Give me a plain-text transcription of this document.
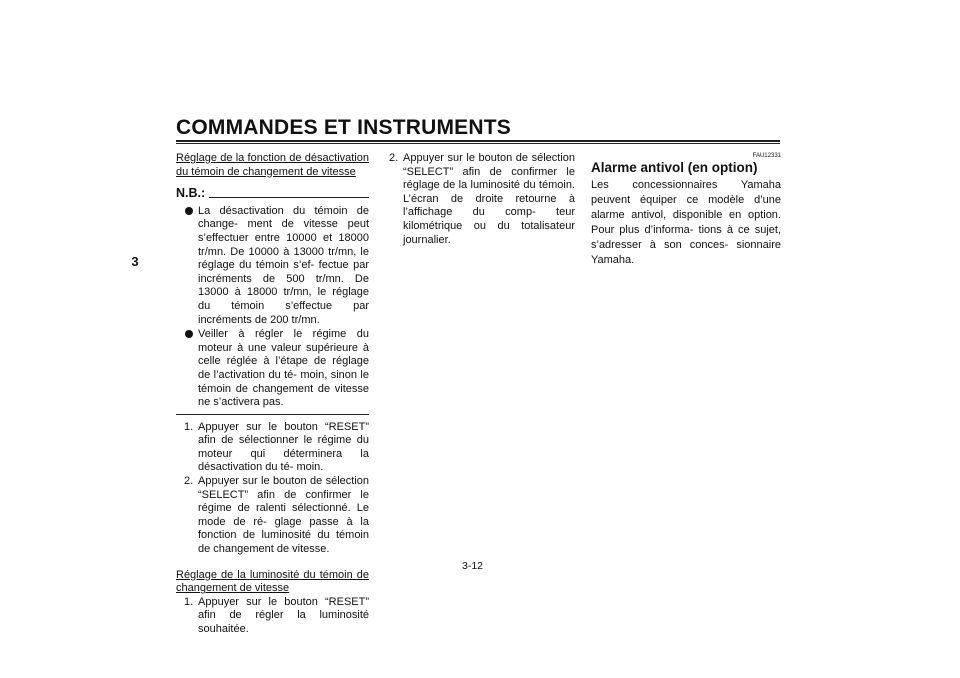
COMMANDES ET INSTRUMENTS
3
Réglage de la fonction de désactivation du témoin de changement de vitesse
N.B.:
La désactivation du témoin de change- ment de vitesse peut s’effectuer entre 10000 et 18000 tr/mn. De 10000 à 13000 tr/mn, le réglage du témoin s’ef- fectue par incréments de 500 tr/mn. De 13000 à 18000 tr/mn, le réglage du témoin s’effectue par incréments de 200 tr/mn.
Veiller à régler le régime du moteur à une valeur supérieure à celle réglée à l’étape de réglage de l’activation du té- moin, sinon le témoin de changement de vitesse ne s’activera pas.
1. Appuyer sur le bouton “RESET” afin de sélectionner le régime du moteur qui déterminera la désactivation du té- moin.
2. Appuyer sur le bouton de sélection “SELECT” afin de confirmer le régime de ralenti sélectionné. Le mode de ré- glage passe à la fonction de luminosité du témoin de changement de vitesse.
Réglage de la luminosité du témoin de changement de vitesse
1. Appuyer sur le bouton “RESET” afin de régler la luminosité souhaitée.
2. Appuyer sur le bouton de sélection “SELECT” afin de confirmer le réglage de la luminosité du témoin. L’écran de droite retourne à l’affichage du comp- teur kilométrique ou du totalisateur journalier.
FAU12331
Alarme antivol (en option)
Les concessionnaires Yamaha peuvent équiper ce modèle d’une alarme antivol, disponible en option. Pour plus d’informa- tions à ce sujet, s’adresser à son conces- sionnaire Yamaha.
3-12
